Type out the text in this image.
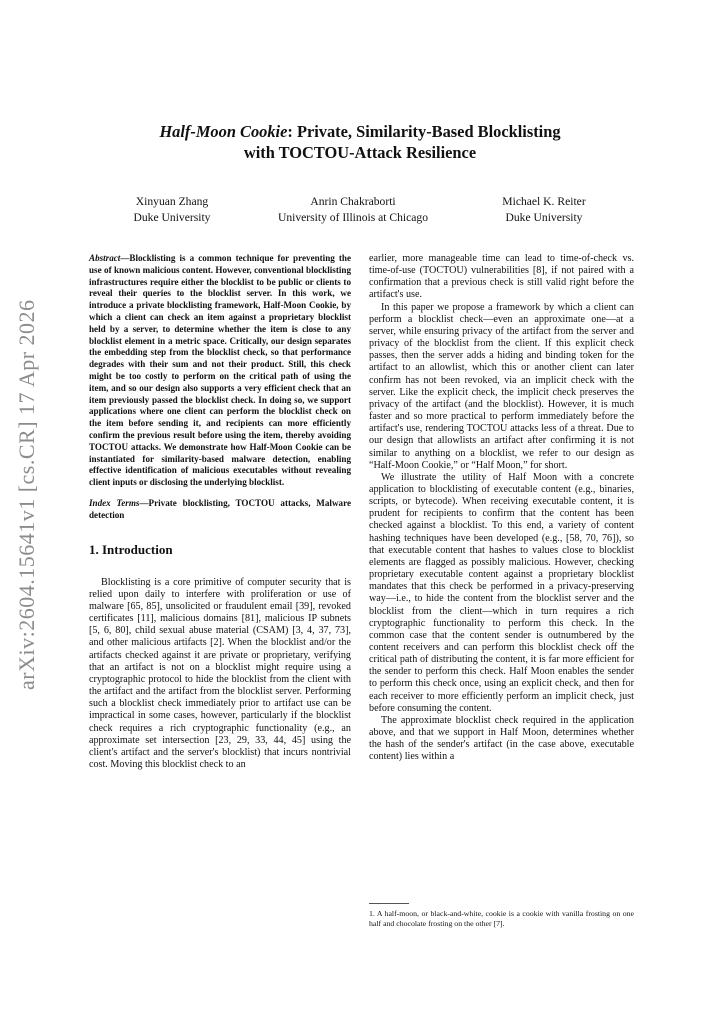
arXiv:2604.15641v1 [cs.CR] 17 Apr 2026
Half-Moon Cookie: Private, Similarity-Based Blocklisting
with TOCTOU-Attack Resilience
Xinyuan Zhang
Duke University
Anrin Chakraborti
University of Illinois at Chicago
Michael K. Reiter
Duke University

Abstract—Blocklisting is a common technique for preventing the use of known malicious content. However, conventional blocklisting infrastructures require either the blocklist to be public or clients to reveal their queries to the blocklist server. In this work, we introduce a private blocklisting framework, Half-Moon Cookie, by which a client can check an item against a proprietary blocklist held by a server, to determine whether the item is close to any blocklist element in a metric space. Critically, our design separates the embedding step from the blocklist check, so that performance degrades with their sum and not their product. Still, this check might be too costly to perform on the critical path of using the item, and so our design also supports a very efficient check that an item previously passed the blocklist check. In doing so, we support applications where one client can perform the blocklist check on the item before sending it, and recipients can more efficiently confirm the previous result before using the item, thereby avoiding TOCTOU attacks. We demonstrate how Half-Moon Cookie can be instantiated for similarity-based malware detection, enabling effective identification of malicious executables without revealing client inputs or disclosing the underlying blocklist.

Index Terms—Private blocklisting, TOCTOU attacks, Malware detection

1. Introduction

Blocklisting is a core primitive of computer security that is relied upon daily to interfere with proliferation or use of malware [65, 85], unsolicited or fraudulent email [39], revoked certificates [11], malicious domains [81], malicious IP subnets [5, 6, 80], child sexual abuse material (CSAM) [3, 4, 37, 73], and other malicious artifacts [2]. When the blocklist and/or the artifacts checked against it are private or proprietary, verifying that an artifact is not on a blocklist might require using a cryptographic protocol to hide the blocklist from the client with the artifact and the artifact from the blocklist server. Performing such a blocklist check immediately prior to artifact use can be impractical in some cases, however, particularly if the blocklist check requires a rich cryptographic functionality (e.g., an approximate set intersection [23, 29, 33, 44, 45] using the client's artifact and the server's blocklist) that incurs nontrivial cost. Moving this blocklist check to an

earlier, more manageable time can lead to time-of-check vs. time-of-use (TOCTOU) vulnerabilities [8], if not paired with a confirmation that a previous check is still valid right before the artifact's use.

In this paper we propose a framework by which a client can perform a blocklist check—even an approximate one—at a server, while ensuring privacy of the artifact from the server and privacy of the blocklist from the client. If this explicit check passes, then the server adds a hiding and binding token for the artifact to an allowlist, which this or another client can later confirm has not been revoked, via an implicit check with the server. Like the explicit check, the implicit check preserves the privacy of the artifact (and the blocklist). However, it is much faster and so more practical to perform immediately before the artifact's use, rendering TOCTOU attacks less of a threat. Due to our design that allowlists an artifact after confirming it is not similar to anything on a blocklist, we refer to our design as “Half-Moon Cookie,” or “Half Moon,” for short.

We illustrate the utility of Half Moon with a concrete application to blocklisting of executable content (e.g., binaries, scripts, or bytecode). When receiving executable content, it is prudent for recipients to confirm that the content has been checked against a blocklist. To this end, a variety of content hashing techniques have been developed (e.g., [58, 70, 76]), so that executable content that hashes to values close to blocklist elements are flagged as possibly malicious. However, checking proprietary executable content against a proprietary blocklist mandates that this check be performed in a privacy-preserving way—i.e., to hide the content from the blocklist server and the blocklist from the client—which in turn requires a rich cryptographic functionality to perform this check. In the common case that the content sender is outnumbered by the content receivers and can perform this blocklist check off the critical path of distributing the content, it is far more efficient for the sender to perform this check. Half Moon enables the sender to perform this check once, using an explicit check, and then for each receiver to more efficiently perform an implicit check, just before consuming the content.

The approximate blocklist check required in the application above, and that we support in Half Moon, determines whether the hash of the sender's artifact (in the case above, executable content) lies within a

1. A half-moon, or black-and-white, cookie is a cookie with vanilla frosting on one half and chocolate frosting on the other [7].
